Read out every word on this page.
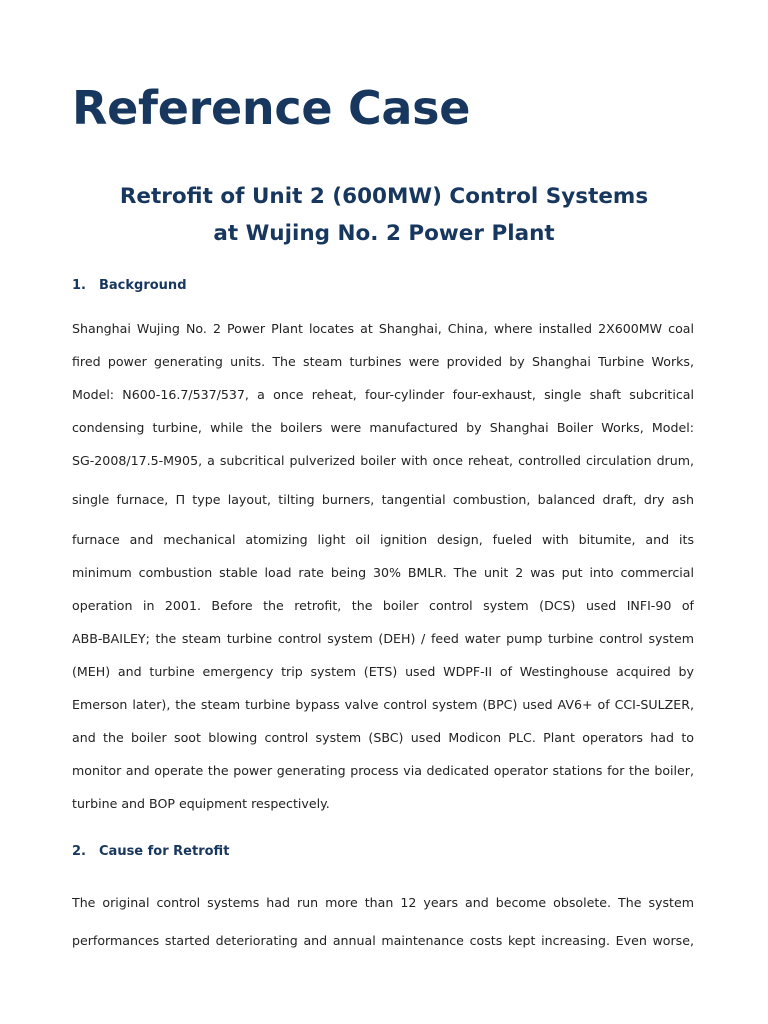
Reference Case
Retrofit of Unit 2 (600MW) Control Systems
at Wujing No. 2 Power Plant
1. Background

Shanghai Wujing No. 2 Power Plant locates at Shanghai, China, where installed 2X600MW coal

fired power generating units. The steam turbines were provided by Shanghai Turbine Works,

Model: N600-16.7/537/537, a once reheat, four-cylinder four-exhaust, single shaft subcritical

condensing turbine, while the boilers were manufactured by Shanghai Boiler Works, Model:

SG-2008/17.5-M905, a subcritical pulverized boiler with once reheat, controlled circulation drum,

single furnace, Π type layout, tilting burners, tangential combustion, balanced draft, dry ash

furnace and mechanical atomizing light oil ignition design, fueled with bitumite, and its

minimum combustion stable load rate being 30% BMLR. The unit 2 was put into commercial

operation in 2001. Before the retrofit, the boiler control system (DCS) used INFI-90 of

ABB-BAILEY; the steam turbine control system (DEH) / feed water pump turbine control system

(MEH) and turbine emergency trip system (ETS) used WDPF-II of Westinghouse acquired by

Emerson later), the steam turbine bypass valve control system (BPC) used AV6+ of CCI-SULZER,

and the boiler soot blowing control system (SBC) used Modicon PLC. Plant operators had to

monitor and operate the power generating process via dedicated operator stations for the boiler,

turbine and BOP equipment respectively.

2. Cause for Retrofit

The original control systems had run more than 12 years and become obsolete. The system

performances started deteriorating and annual maintenance costs kept increasing. Even worse,
